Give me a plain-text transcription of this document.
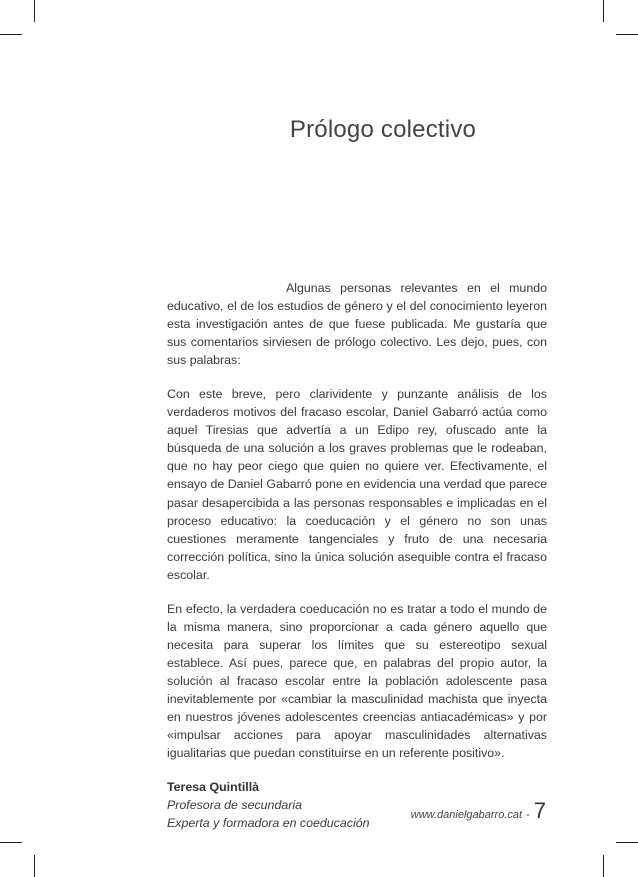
Prólogo colectivo

Algunas personas relevantes en el mundo educativo, el de los estudios de género y el del conocimiento leyeron esta investigación antes de que fuese publicada. Me gustaría que sus comentarios sirviesen de prólogo colectivo. Les dejo, pues, con sus palabras:

Con este breve, pero clarividente y punzante análisis de los verdaderos motivos del fracaso escolar, Daniel Gabarró actúa como aquel Tiresias que advertía a un Edipo rey, ofuscado ante la búsqueda de una solución a los graves problemas que le rodeaban, que no hay peor ciego que quien no quiere ver. Efectivamente, el ensayo de Daniel Gabarró pone en evidencia una verdad que parece pasar desapercibida a las personas responsables e implicadas en el proceso educativo: la coeducación y el género no son unas cuestiones meramente tangenciales y fruto de una necesaria corrección política, sino la única solución asequible contra el fracaso escolar.

En efecto, la verdadera coeducación no es tratar a todo el mundo de la misma manera, sino proporcionar a cada género aquello que necesita para superar los límites que su estereotipo sexual establece. Así pues, parece que, en palabras del propio autor, la solución al fracaso escolar entre la población adolescente pasa inevitablemente por «cambiar la masculinidad machista que inyecta en nuestros jóvenes adolescentes creencias antiacadémicas» y por «impulsar acciones para apoyar masculinidades alternativas igualitarias que puedan constituirse en un referente positivo».

Teresa Quintillà
Profesora de secundaria
Experta y formadora en coeducación
www.danielgabarro.cat - 7
